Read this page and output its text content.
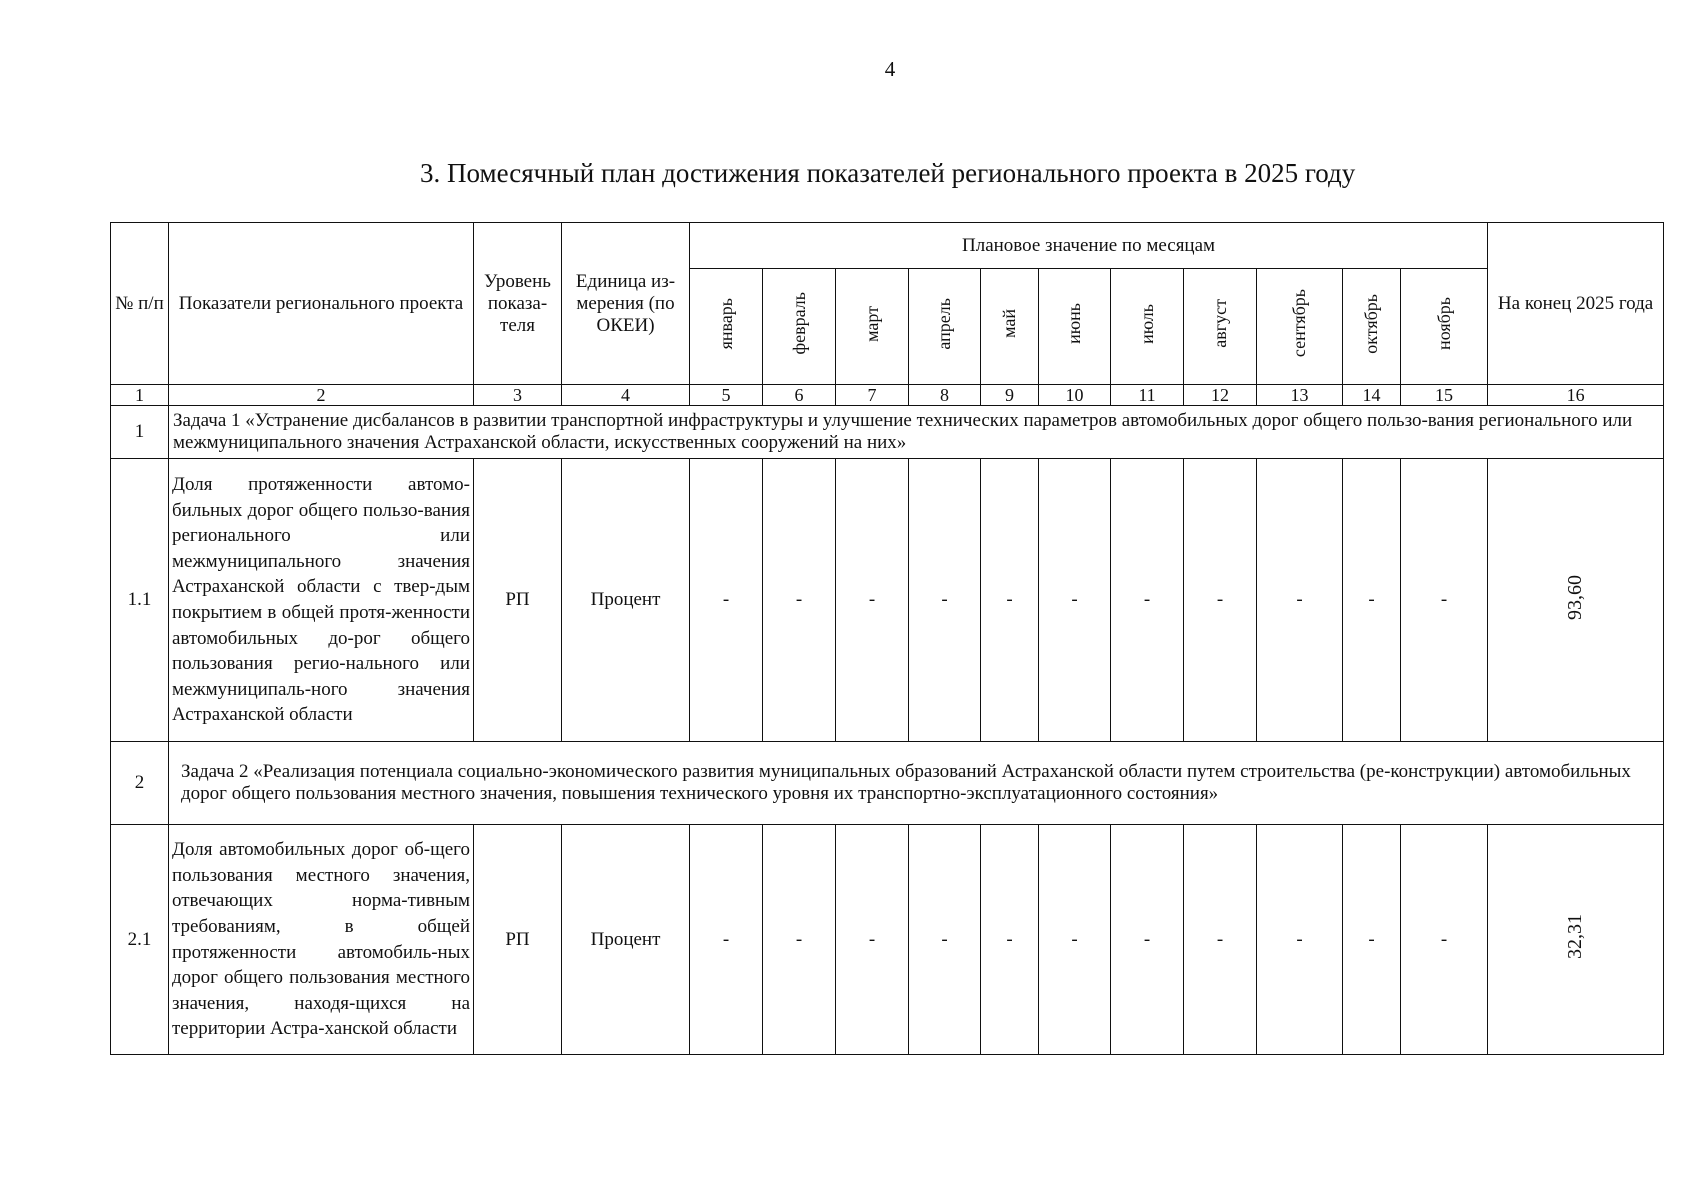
4
3. Помесячный план достижения показателей регионального проекта в 2025 году
№ п/п	Показатели регионального проекта	Уровень показа- теля	Единица из- мерения (по ОКЕИ)	Плановое значение по месяцам											На конец 2025 года
				январь	февраль	март	апрель	май	июнь	июль	август	сентябрь	октябрь	ноябрь	
1	2	3	4	5	6	7	8	9	10	11	12	13	14	15	16
1	Задача 1 «Устранение дисбалансов в развитии транспортной инфраструктуры и улучшение технических параметров автомобильных дорог общего пользо-вания регионального или межмуниципального значения Астраханской области, искусственных сооружений на них»														
1.1	Доля протяженности автомо-бильных дорог общего пользо-вания регионального или межмуниципального значения Астраханской области с твер-дым покрытием в общей протя-женности автомобильных до-рог общего пользования регио-нального или межмуниципаль-ного значения Астраханской области	РП	Процент	-	-	-	-	-	-	-	-	-	-	-	93,60
2	Задача 2 «Реализация потенциала социально-экономического развития муниципальных образований Астраханской области путем строительства (ре-конструкции) автомобильных дорог общего пользования местного значения, повышения технического уровня их транспортно-эксплуатационного состояния»														
2.1	Доля автомобильных дорог об-щего пользования местного значения, отвечающих норма-тивным требованиям, в общей протяженности автомобиль-ных дорог общего пользования местного значения, находя-щихся на территории Астра-ханской области	РП	Процент	-	-	-	-	-	-	-	-	-	-	-	32,31
